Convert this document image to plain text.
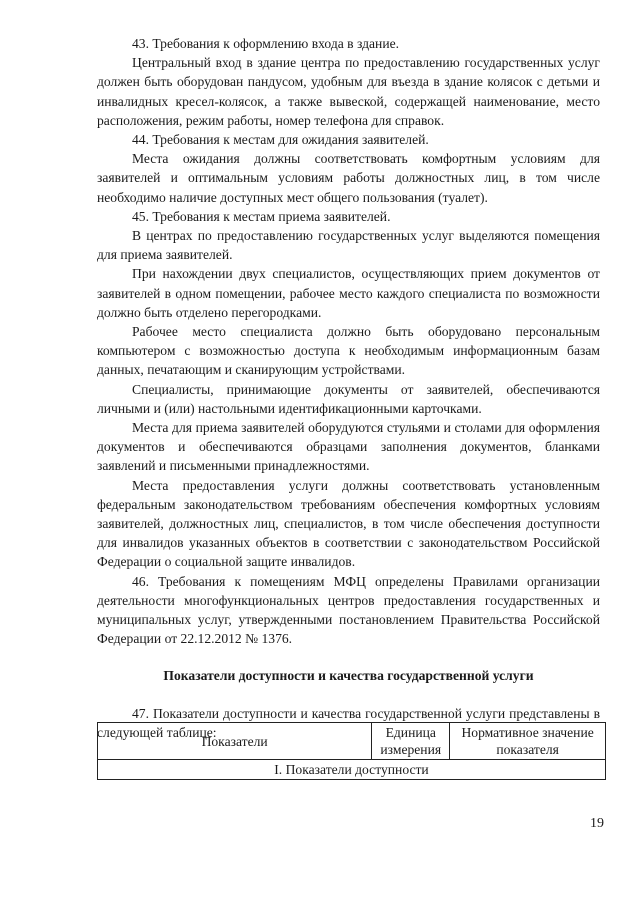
43. Требования к оформлению входа в здание.

Центральный вход в здание центра по предоставлению государственных услуг должен быть оборудован пандусом, удобным для въезда в здание колясок с детьми и инвалидных кресел-колясок, а также вывеской, содержащей наименование, место расположения, режим работы, номер телефона для справок.

44. Требования к местам для ожидания заявителей.

Места ожидания должны соответствовать комфортным условиям для заявителей и оптимальным условиям работы должностных лиц, в том числе необходимо наличие доступных мест общего пользования (туалет).

45. Требования к местам приема заявителей.

В центрах по предоставлению государственных услуг выделяются помещения для приема заявителей.

При нахождении двух специалистов, осуществляющих прием документов от заявителей в одном помещении, рабочее место каждого специалиста по возможности должно быть отделено перегородками.

Рабочее место специалиста должно быть оборудовано персональным компьютером с возможностью доступа к необходимым информационным базам данных, печатающим и сканирующим устройствами.

Специалисты, принимающие документы от заявителей, обеспечиваются личными и (или) настольными идентификационными карточками.

Места для приема заявителей оборудуются стульями и столами для оформления документов и обеспечиваются образцами заполнения документов, бланками заявлений и письменными принадлежностями.

Места предоставления услуги должны соответствовать установленным федеральным законодательством требованиям обеспечения комфортных условиям заявителей, должностных лиц, специалистов, в том числе обеспечения доступности для инвалидов указанных объектов в соответствии с законодательством Российской Федерации о социальной защите инвалидов.

46. Требования к помещениям МФЦ определены Правилами организации деятельности многофункциональных центров предоставления государственных и муниципальных услуг, утвержденными постановлением Правительства Российской Федерации от 22.12.2012 № 1376.

Показатели доступности и качества государственной услуги

47. Показатели доступности и качества государственной услуги представлены в следующей таблице:

Показатели	Единица измерения	Нормативное значение показателя
I. Показатели доступности
19
